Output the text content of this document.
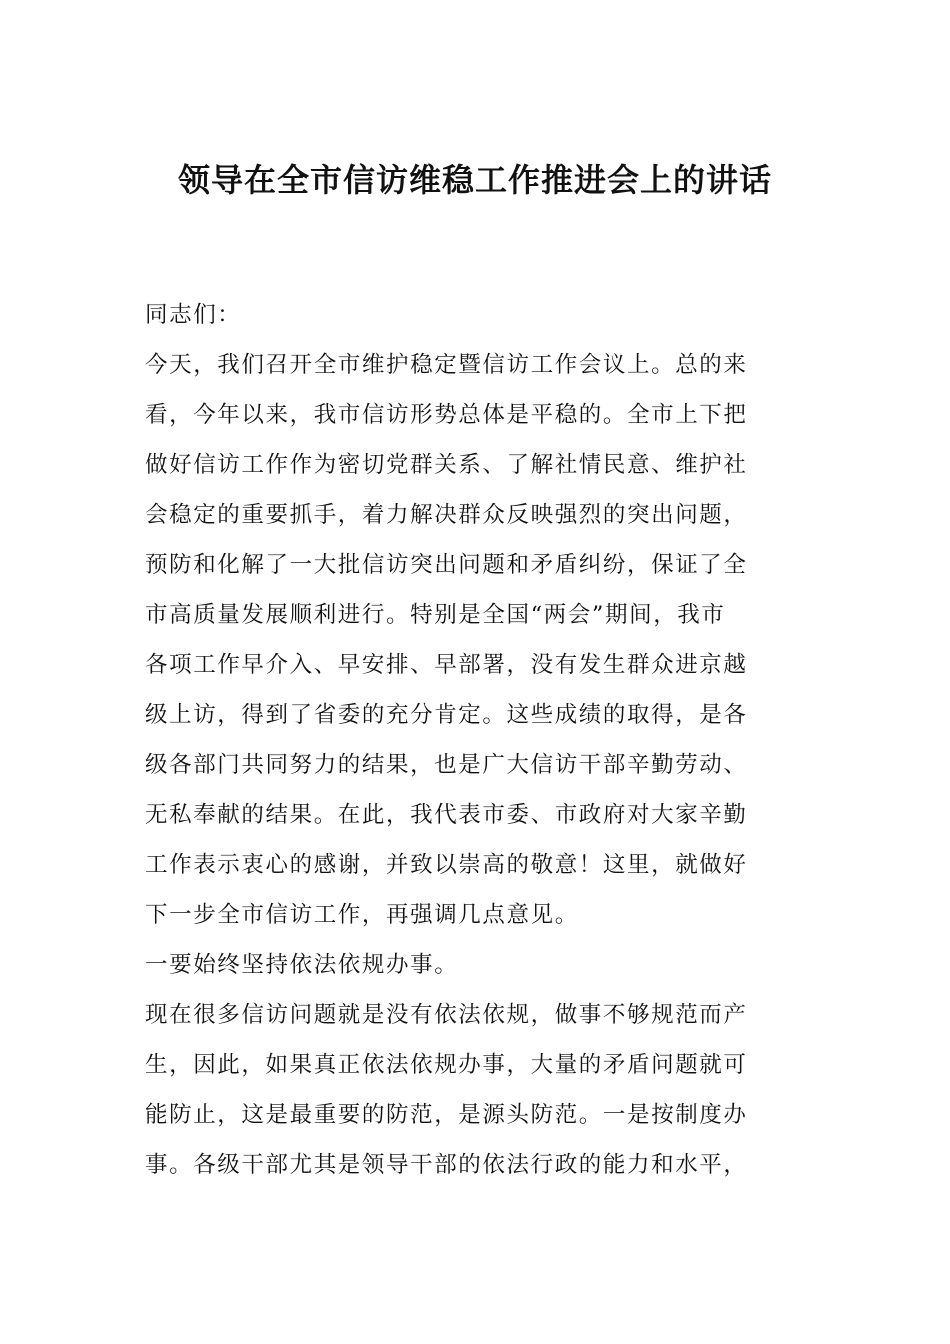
领导在全市信访维稳工作推进会上的讲话
同志们：
今天，我们召开全市维护稳定暨信访工作会议上。总的来
看，今年以来，我市信访形势总体是平稳的。全市上下把
做好信访工作作为密切党群关系、了解社情民意、维护社
会稳定的重要抓手，着力解决群众反映强烈的突出问题，
预防和化解了一大批信访突出问题和矛盾纠纷，保证了全
市高质量发展顺利进行。特别是全国“两会”期间，我市
各项工作早介入、早安排、早部署，没有发生群众进京越
级上访，得到了省委的充分肯定。这些成绩的取得，是各
级各部门共同努力的结果，也是广大信访干部辛勤劳动、
无私奉献的结果。在此，我代表市委、市政府对大家辛勤
工作表示衷心的感谢，并致以崇高的敬意！这里，就做好
下一步全市信访工作，再强调几点意见。
一要始终坚持依法依规办事。
现在很多信访问题就是没有依法依规，做事不够规范而产
生，因此，如果真正依法依规办事，大量的矛盾问题就可
能防止，这是最重要的防范，是源头防范。一是按制度办
事。各级干部尤其是领导干部的依法行政的能力和水平，
